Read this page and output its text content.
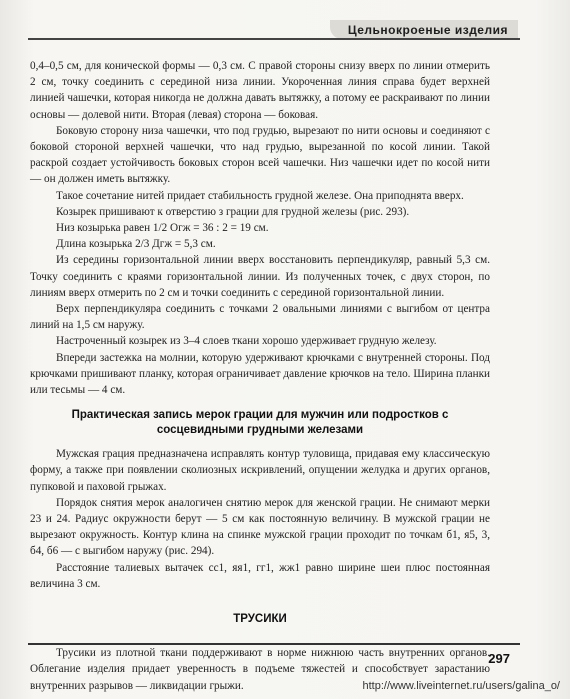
Цельнокроеные изделия

0,4–0,5 см, для конической формы — 0,3 см. С правой стороны снизу вверх по линии отмерить 2 см, точку соединить с серединой низа линии. Укороченная линия справа будет верхней линией чашечки, которая никогда не должна давать вытяжку, а потому ее раскраивают по линии основы — долевой нити. Вторая (левая) сторона — боковая.

Боковую сторону низа чашечки, что под грудью, вырезают по нити основы и соединяют с боковой стороной верхней чашечки, что над грудью, вырезанной по косой линии. Такой раскрой создает устойчивость боковых сторон всей чашечки. Низ чашечки идет по косой нити — он должен иметь вытяжку.

Такое сочетание нитей придает стабильность грудной железе. Она приподнята вверх.

Козырек пришивают к отверстию з грации для грудной железы (рис. 293).

Низ козырька равен 1/2 Огж = 36 : 2 = 19 см.

Длина козырька 2/3 Дгж = 5,3 см.

Из середины горизонтальной линии вверх восстановить перпендикуляр, равный 5,3 см. Точку соединить с краями горизонтальной линии. Из полученных точек, с двух сторон, по линиям вверх отмерить по 2 см и точки соединить с серединой горизонтальной линии.

Верх перпендикуляра соединить с точками 2 овальными линиями с выгибом от центра линий на 1,5 см наружу.

Настроченный козырек из 3–4 слоев ткани хорошо удерживает грудную железу.

Впереди застежка на молнии, которую удерживают крючками с внутренней стороны. Под крючками пришивают планку, которая ограничивает давление крючков на тело. Ширина планки или тесьмы — 4 см.

Практическая запись мерок грации для мужчин или подростков с сосцевидными грудными железами

Мужская грация предназначена исправлять контур туловища, придавая ему классическую форму, а также при появлении сколиозных искривлений, опущении желудка и других органов, пупковой и паховой грыжах.

Порядок снятия мерок аналогичен снятию мерок для женской грации. Не снимают мерки 23 и 24. Радиус окружности берут — 5 см как постоянную величину. В мужской грации не вырезают окружность. Контур клина на спинке мужской грации проходит по точкам б1, я5, 3, б4, б6 — с выгибом наружу (рис. 294).

Расстояние талиевых вытачек сс1, яя1, гг1, жж1 равно ширине шеи плюс постоянная величина 3 см.

ТРУСИКИ

Трусики из плотной ткани поддерживают в норме нижнюю часть внутренних органов. Облегание изделия придает уверенность в подъеме тяжестей и способствует зарастанию внутренних разрывов — ликвидации грыжи.

297
http://www.liveinternet.ru/users/galina_o/
